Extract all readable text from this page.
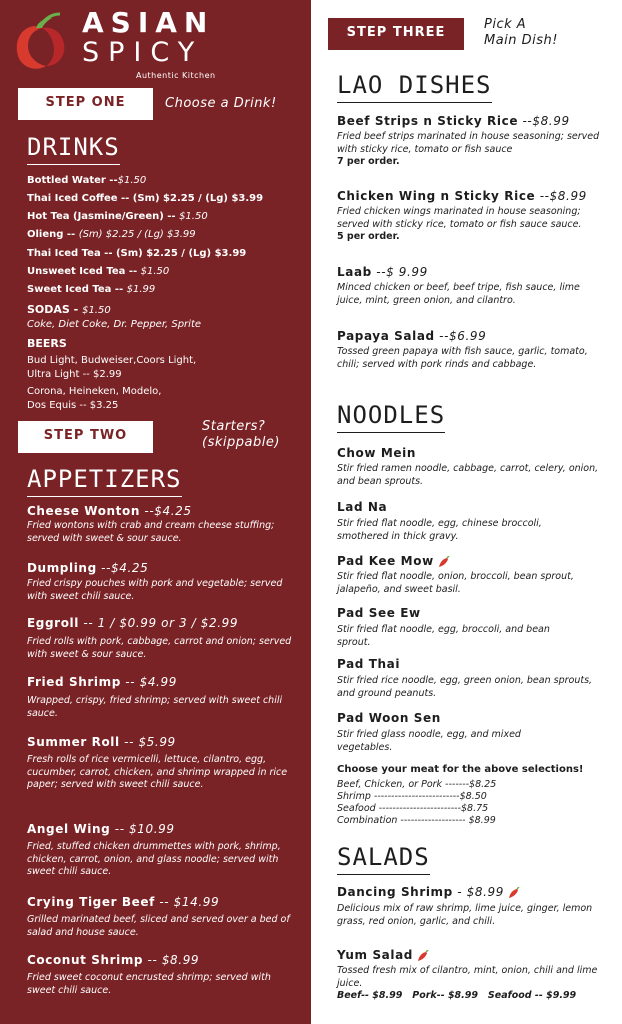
ASIAN
SPICY
Authentic Kitchen
STEP ONE	Choose a Drink!
DRINKS
Bottled Water --$1.50
Thai Iced Coffee -- (Sm) $2.25 / (Lg) $3.99
Hot Tea (Jasmine/Green) -- $1.50
Olieng -- (Sm) $2.25 / (Lg) $3.99
Thai Iced Tea -- (Sm) $2.25 / (Lg) $3.99
Unsweet Iced Tea -- $1.50
Sweet Iced Tea -- $1.99
SODAS - $1.50
Coke, Diet Coke, Dr. Pepper, Sprite
BEERS
Bud Light, Budweiser,Coors Light,
Ultra Light -- $2.99
Corona, Heineken, Modelo,
Dos Equis -- $3.25
STEP TWO
Starters?
(skippable)
APPETIZERS
Cheese Wonton --$4.25
Fried wontons with crab and cream cheese stuffing; served with sweet & sour sauce.
Dumpling --$4.25
Fried crispy pouches with pork and vegetable; served with sweet chili sauce.
Eggroll -- 1 / $0.99 or 3 / $2.99
Fried rolls with pork, cabbage, carrot and onion; served with sweet & sour sauce.
Fried Shrimp -- $4.99
Wrapped, crispy, fried shrimp; served with sweet chili sauce.
Summer Roll -- $5.99
Fresh rolls of rice vermicelli, lettuce, cilantro, egg, cucumber, carrot, chicken, and shrimp wrapped in rice paper; served with sweet chili sauce.
Angel Wing -- $10.99
Fried, stuffed chicken drummettes with pork, shrimp, chicken, carrot, onion, and glass noodle; served with sweet chili sauce.
Crying Tiger Beef -- $14.99
Grilled marinated beef, sliced and served over a bed of salad and house sauce.
Coconut Shrimp -- $8.99
Fried sweet coconut encrusted shrimp; served with sweet chili sauce.
STEP THREE
Pick A
Main Dish!
LAO DISHES
Beef Strips n Sticky Rice --$8.99
Fried beef strips marinated in house seasoning; served with sticky rice, tomato or fish sauce
7 per order.
Chicken Wing n Sticky Rice --$8.99
Fried chicken wings marinated in house seasoning; served with sticky rice, tomato or fish sauce sauce.
5 per order.
Laab --$ 9.99
Minced chicken or beef, beef tripe, fish sauce, lime juice, mint, green onion, and cilantro.
Papaya Salad --$6.99
Tossed green papaya with fish sauce, garlic, tomato, chili; served with pork rinds and cabbage.
NOODLES
Chow Mein
Stir fried ramen noodle, cabbage, carrot, celery, onion, and bean sprouts.
Lad Na
Stir fried flat noodle, egg, chinese broccoli, smothered in thick gravy.
Pad Kee Mow
Stir fried flat noodle, onion, broccoli, bean sprout, jalapeño, and sweet basil.
Pad See Ew
Stir fried flat noodle, egg, broccoli, and bean sprout.
Pad Thai
Stir fried rice noodle, egg, green onion, bean sprouts, and ground peanuts.
Pad Woon Sen
Stir fried glass noodle, egg, and mixed vegetables.
Choose your meat for the above selections!
Beef, Chicken, or Pork -------$8.25
Shrimp -------------------------$8.50
Seafood ------------------------$8.75
Combination ------------------- $8.99
SALADS
Dancing Shrimp - $8.99
Delicious mix of raw shrimp, lime juice, ginger, lemon grass, red onion, garlic, and chili.
Yum Salad
Tossed fresh mix of cilantro, mint, onion, chili and lime juice.
Beef-- $8.99   Pork-- $8.99   Seafood -- $9.99
